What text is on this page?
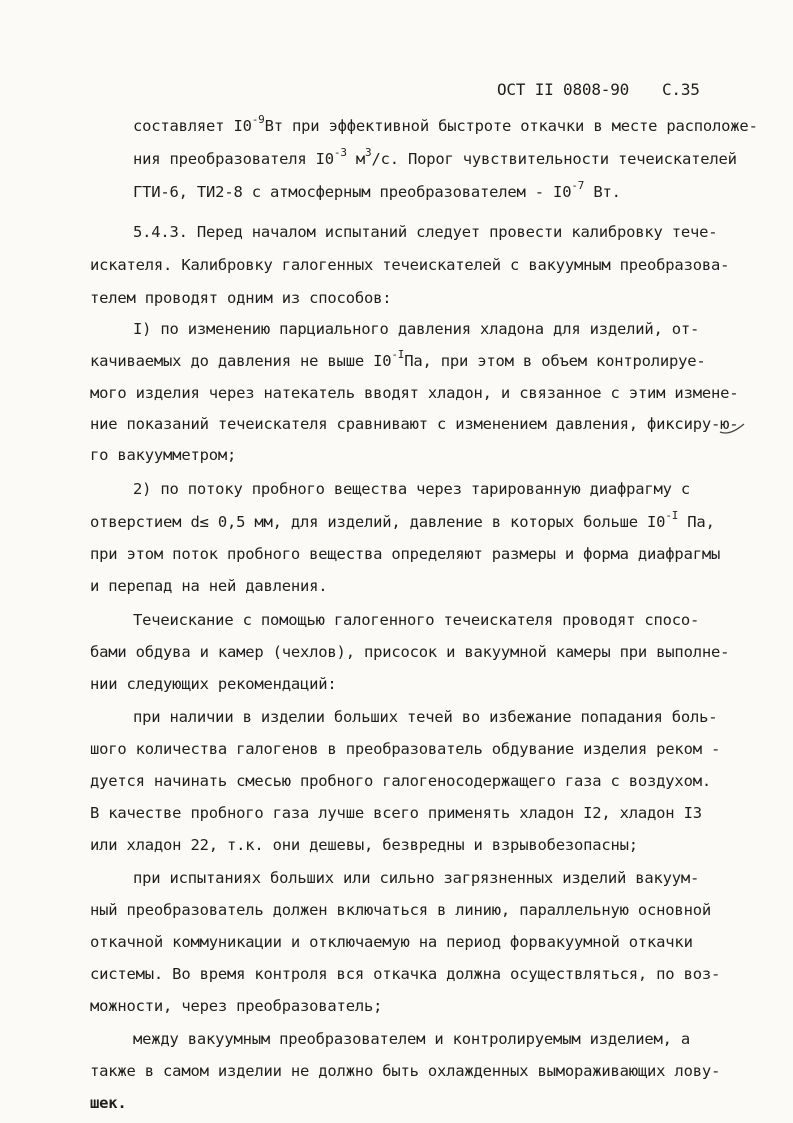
ОСТ II 0808-90 С.35
составляет $I0^{-9}Вт$ при эффективной быстроте откачки в месте расположе-
ния преобразователя $I0^{-3}$ $м^3/с$. Порог чувствительности течеискателей
ГТИ-6, ТИ2-8 с атмосферным преобразователем - $I0^{-7}$ Вт.
5.4.3. Перед началом испытаний следует провести калибровку тече-
искателя. Калибровку галогенных течеискателей с вакуумным преобразова-
телем проводят одним из способов:
I) по изменению парциального давления хладона для изделий, от-
качиваемых до давления не выше $I0^{-I}Па$, при этом в объем контролируе-
мого изделия через натекатель вводят хладон, и связанное с этим измене-
ние показаний течеискателя сравнивают с изменением давления, фиксиру-ю-
го вакуумметром;
2) по потоку пробного вещества через тарированную диафрагму с
отверстием d≤ 0,5 мм, для изделий, давление в которых больше $I0^{-I}$ Па,
при этом поток пробного вещества определяют размеры и форма диафрагмы
и перепад на ней давления.
Течеискание с помощью галогенного течеискателя проводят спосо-
бами обдува и камер (чехлов), присосок и вакуумной камеры при выполне-
нии следующих рекомендаций:
при наличии в изделии больших течей во избежание попадания боль-
шого количества галогенов в преобразователь обдувание изделия реком -
дуется начинать смесью пробного галогеносодержащего газа с воздухом.
В качестве пробного газа лучше всего применять хладон I2, хладон I3
или хладон 22, т.к. они дешевы, безвредны и взрывобезопасны;
при испытаниях больших или сильно загрязненных изделий вакуум-
ный преобразователь должен включаться в линию, параллельную основной
откачной коммуникации и отключаемую на период форвакуумной откачки
системы. Во время контроля вся откачка должна осуществляться, по воз-
можности, через преобразователь;
между вакуумным преобразователем и контролируемым изделием, а
также в самом изделии не должно быть охлажденных вымораживающих лову-
шек.
